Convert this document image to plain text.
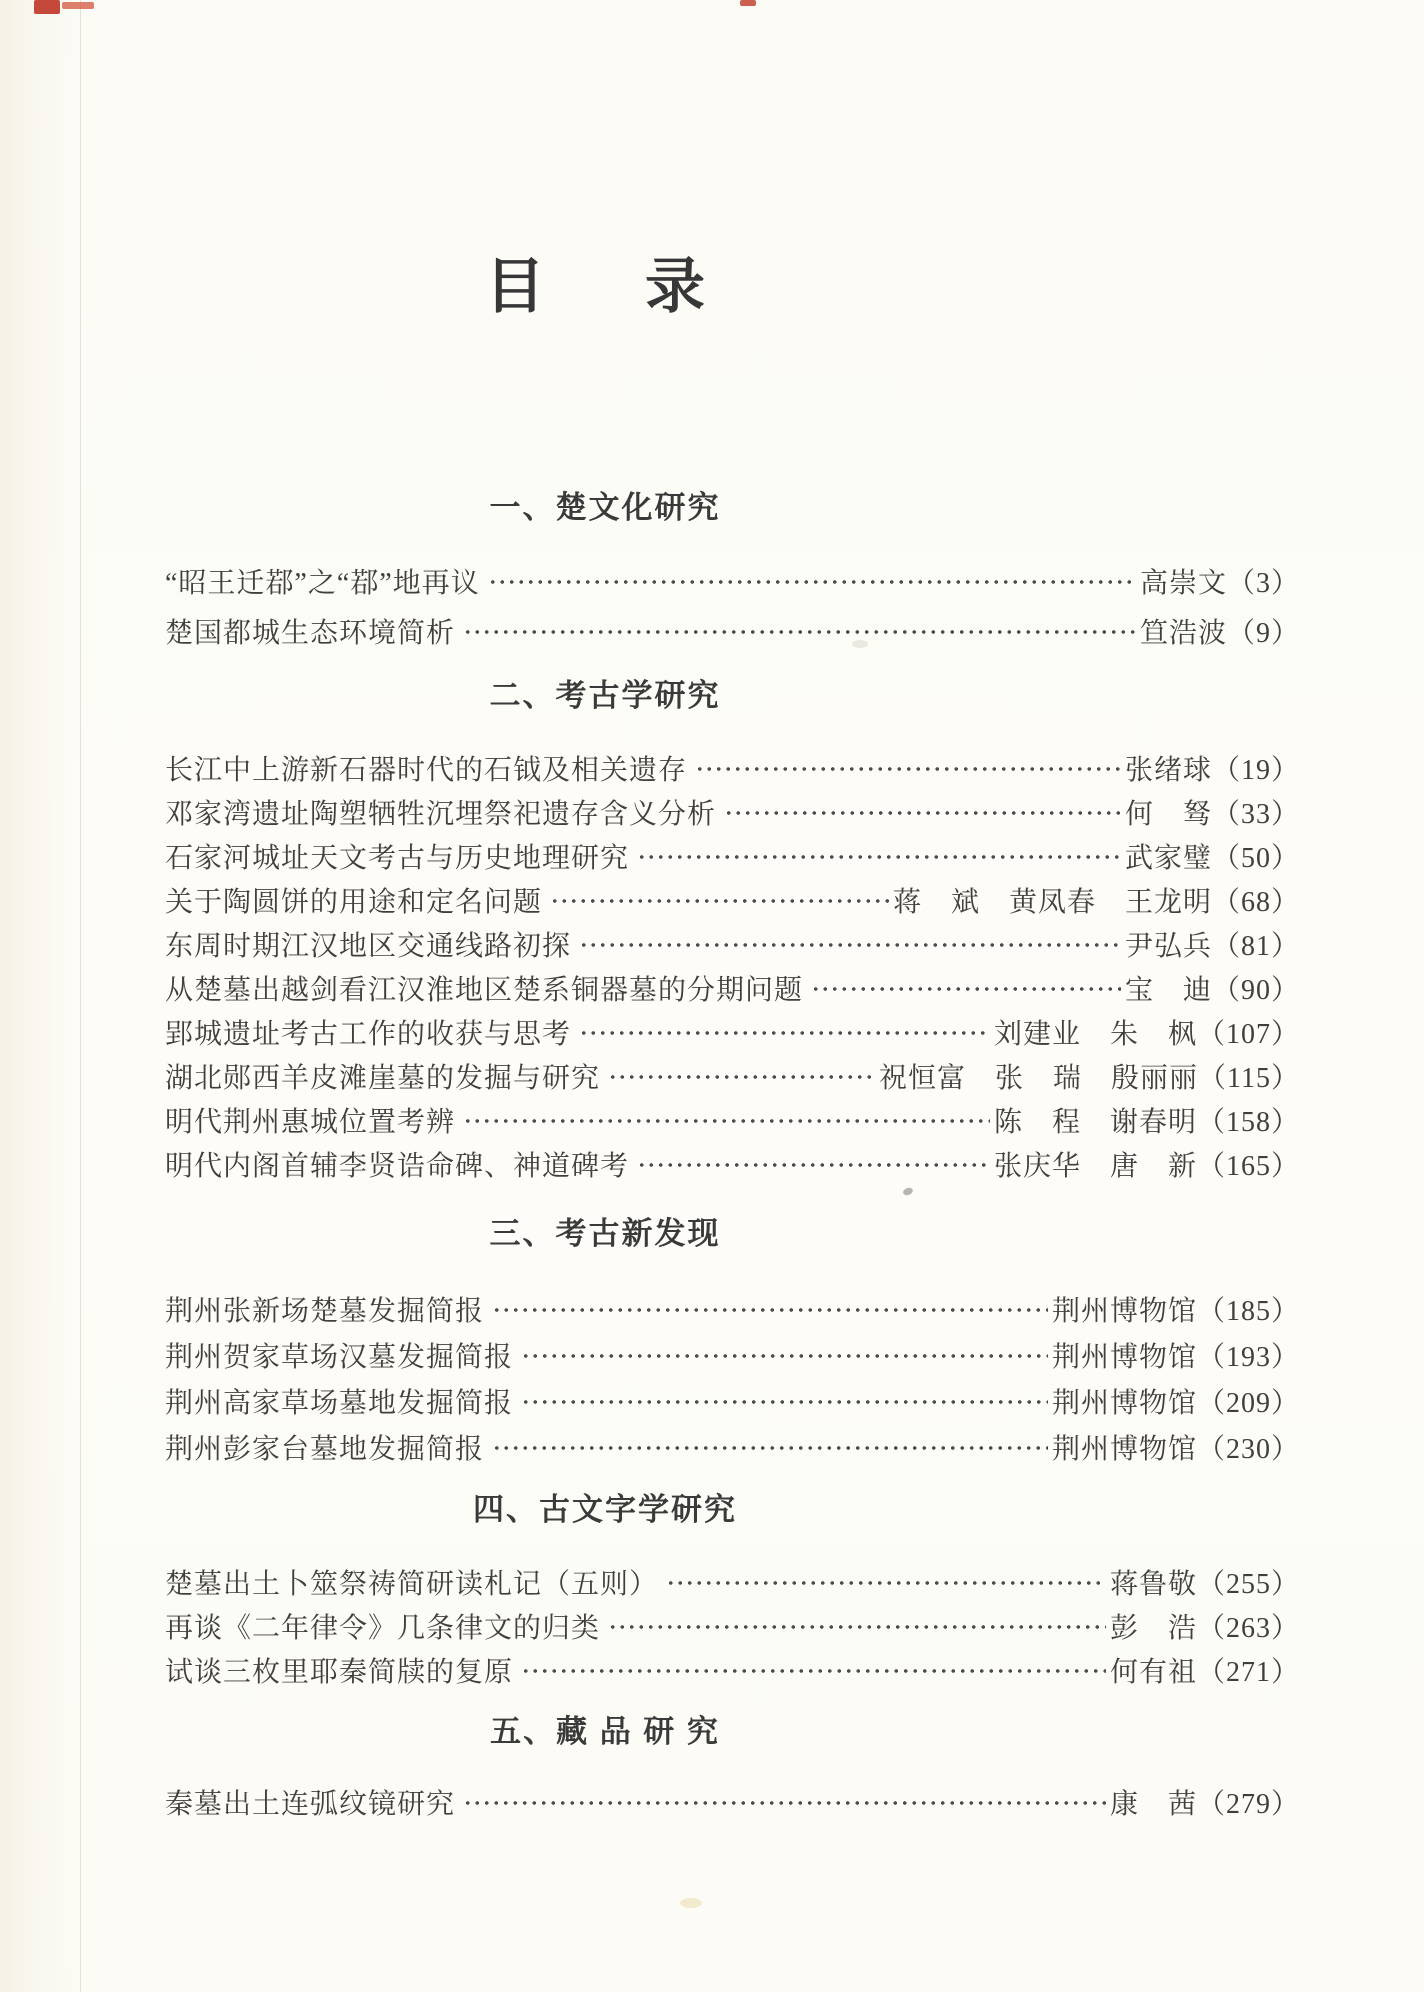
目　录
一、楚文化研究
“昭王迁鄀”之“鄀”地再议	高崇文（3）
楚国都城生态环境简析	笪浩波（9）
二、考古学研究
长江中上游新石器时代的石钺及相关遗存	张绪球（19）
邓家湾遗址陶塑牺牲沉埋祭祀遗存含义分析	何　驽（33）
石家河城址天文考古与历史地理研究	武家璧（50）
关于陶圆饼的用途和定名问题	蒋　斌　黄凤春　王龙明（68）
东周时期江汉地区交通线路初探	尹弘兵（81）
从楚墓出越剑看江汉淮地区楚系铜器墓的分期问题	宝　迪（90）
郢城遗址考古工作的收获与思考	刘建业　朱　枫（107）
湖北郧西羊皮滩崖墓的发掘与研究	祝恒富　张　瑞　殷丽丽（115）
明代荆州惠城位置考辨	陈　程　谢春明（158）
明代内阁首辅李贤诰命碑、神道碑考	张庆华　唐　新（165）
三、考古新发现
荆州张新场楚墓发掘简报	荆州博物馆（185）
荆州贺家草场汉墓发掘简报	荆州博物馆（193）
荆州高家草场墓地发掘简报	荆州博物馆（209）
荆州彭家台墓地发掘简报	荆州博物馆（230）
四、古文字学研究
楚墓出土卜筮祭祷简研读札记（五则）	蒋鲁敬（255）
再谈《二年律令》几条律文的归类	彭　浩（263）
试谈三枚里耶秦简牍的复原	何有祖（271）
五、藏 品 研 究
秦墓出土连弧纹镜研究	康　茜（279）
